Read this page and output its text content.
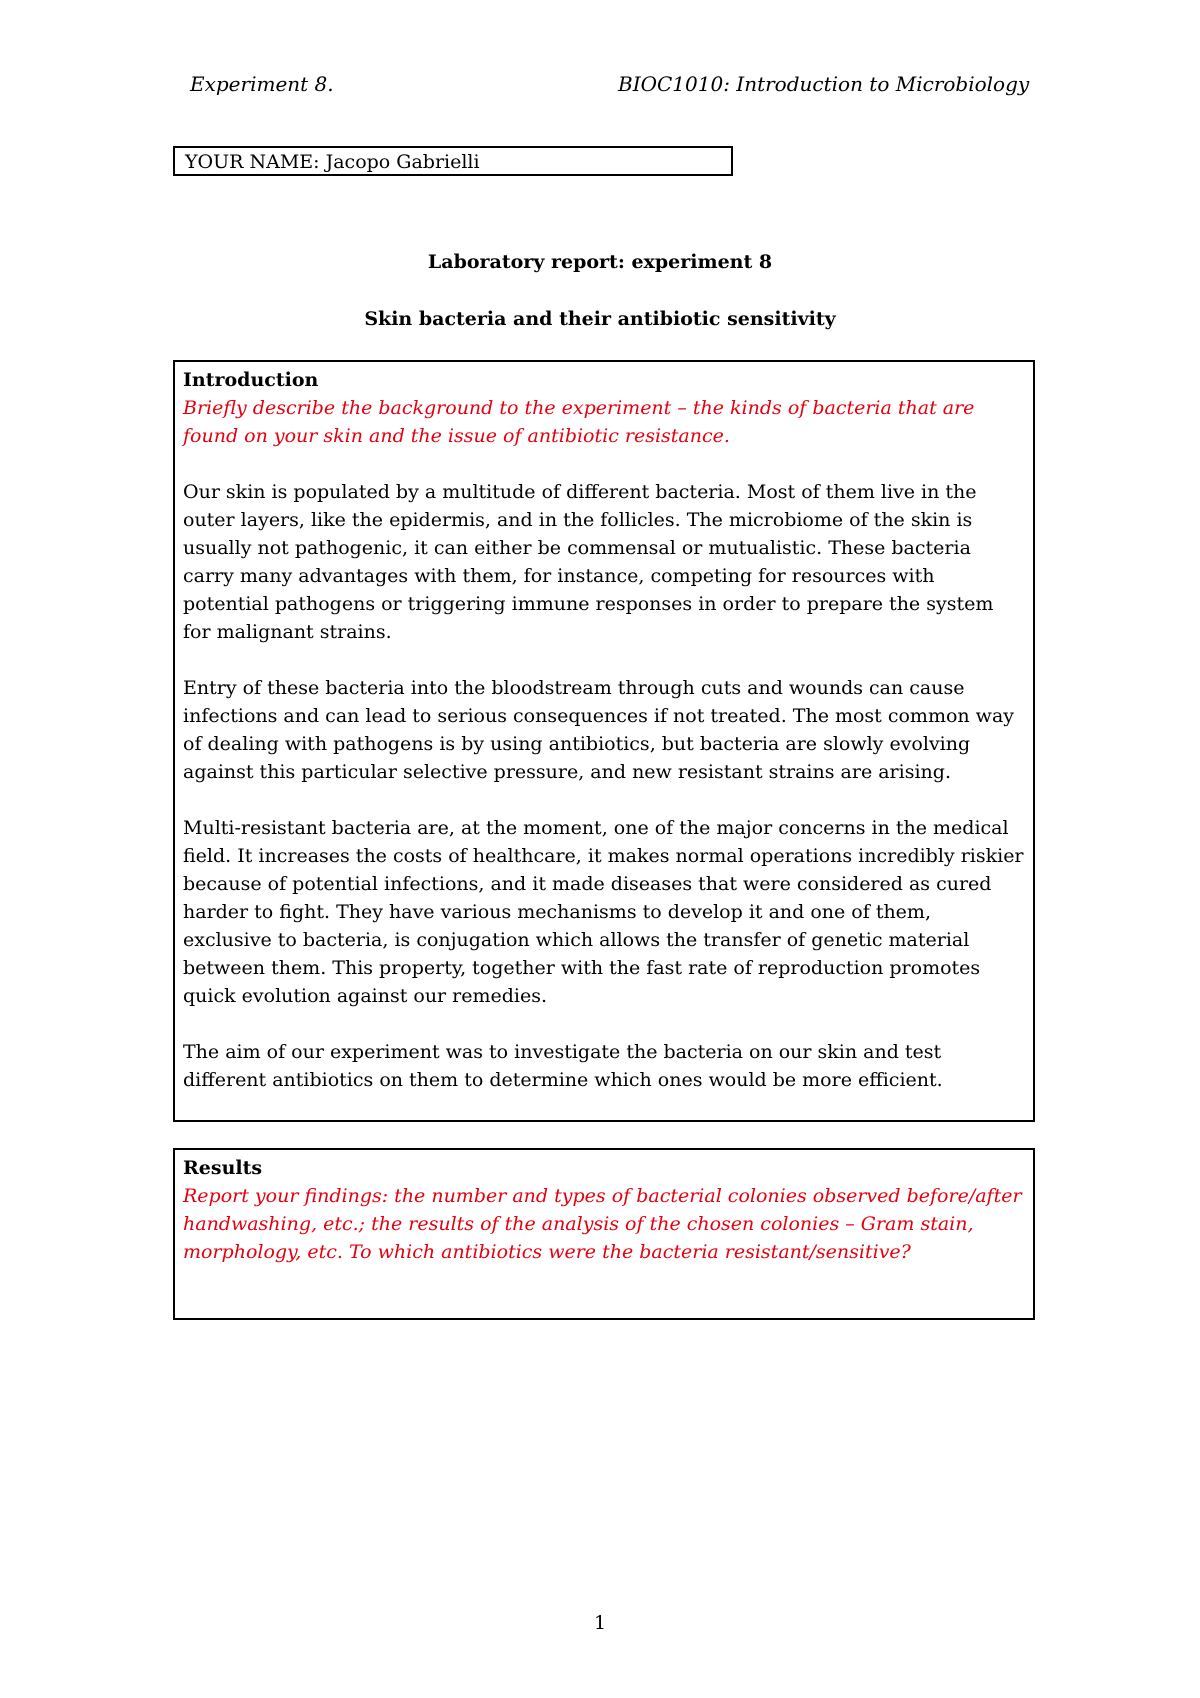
Experiment 8.	BIOC1010: Introduction to Microbiology
YOUR NAME: Jacopo Gabrielli
Laboratory report: experiment 8
Skin bacteria and their antibiotic sensitivity

Introduction

Briefly describe the background to the experiment – the kinds of bacteria that are found on your skin and the issue of antibiotic resistance.

Our skin is populated by a multitude of different bacteria. Most of them live in the outer layers, like the epidermis, and in the follicles. The microbiome of the skin is usually not pathogenic, it can either be commensal or mutualistic. These bacteria carry many advantages with them, for instance, competing for resources with potential pathogens or triggering immune responses in order to prepare the system for malignant strains.

Entry of these bacteria into the bloodstream through cuts and wounds can cause infections and can lead to serious consequences if not treated. The most common way of dealing with pathogens is by using antibiotics, but bacteria are slowly evolving against this particular selective pressure, and new resistant strains are arising.

Multi-resistant bacteria are, at the moment, one of the major concerns in the medical field. It increases the costs of healthcare, it makes normal operations incredibly riskier because of potential infections, and it made diseases that were considered as cured harder to fight. They have various mechanisms to develop it and one of them, exclusive to bacteria, is conjugation which allows the transfer of genetic material between them. This property, together with the fast rate of reproduction promotes quick evolution against our remedies.

The aim of our experiment was to investigate the bacteria on our skin and test different antibiotics on them to determine which ones would be more efficient.

Results

Report your findings: the number and types of bacterial colonies observed before/after handwashing, etc.; the results of the analysis of the chosen colonies – Gram stain, morphology, etc. To which antibiotics were the bacteria resistant/sensitive?

1
